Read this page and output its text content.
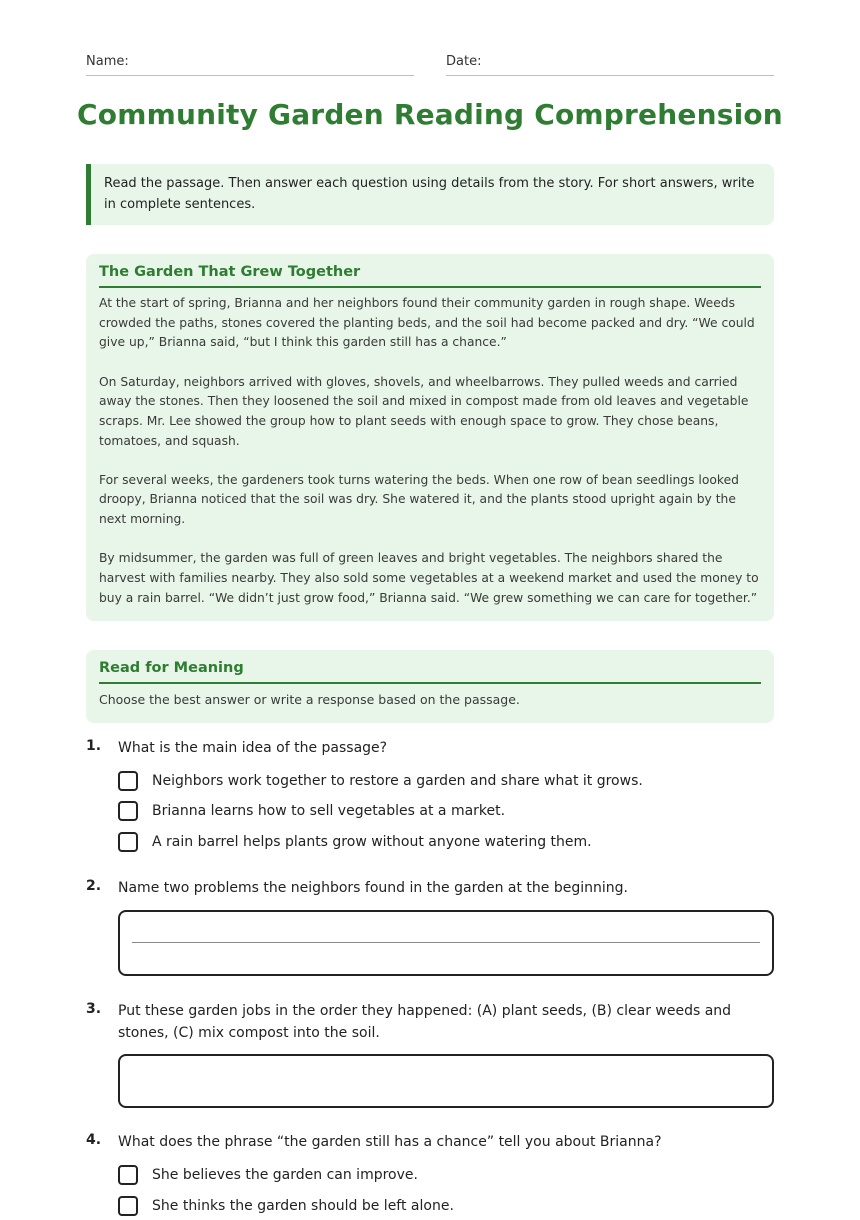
Name:	Date:
Community Garden Reading Comprehension
Read the passage. Then answer each question using details from the story. For short answers, write in complete sentences.
The Garden That Grew Together

At the start of spring, Brianna and her neighbors found their community garden in rough shape. Weeds crowded the paths, stones covered the planting beds, and the soil had become packed and dry. “We could give up,” Brianna said, “but I think this garden still has a chance.”

On Saturday, neighbors arrived with gloves, shovels, and wheelbarrows. They pulled weeds and carried away the stones. Then they loosened the soil and mixed in compost made from old leaves and vegetable scraps. Mr. Lee showed the group how to plant seeds with enough space to grow. They chose beans, tomatoes, and squash.

For several weeks, the gardeners took turns watering the beds. When one row of bean seedlings looked droopy, Brianna noticed that the soil was dry. She watered it, and the plants stood upright again by the next morning.

By midsummer, the garden was full of green leaves and bright vegetables. The neighbors shared the harvest with families nearby. They also sold some vegetables at a weekend market and used the money to buy a rain barrel. “We didn’t just grow food,” Brianna said. “We grew something we can care for together.”

Read for Meaning
Choose the best answer or write a response based on the passage.
1. What is the main idea of the passage?
Neighbors work together to restore a garden and share what it grows.
Brianna learns how to sell vegetables at a market.
A rain barrel helps plants grow without anyone watering them.
2. Name two problems the neighbors found in the garden at the beginning.
3. Put these garden jobs in the order they happened: (A) plant seeds, (B) clear weeds and stones, (C) mix compost into the soil.
4. What does the phrase “the garden still has a chance” tell you about Brianna?
She believes the garden can improve.
She thinks the garden should be left alone.
